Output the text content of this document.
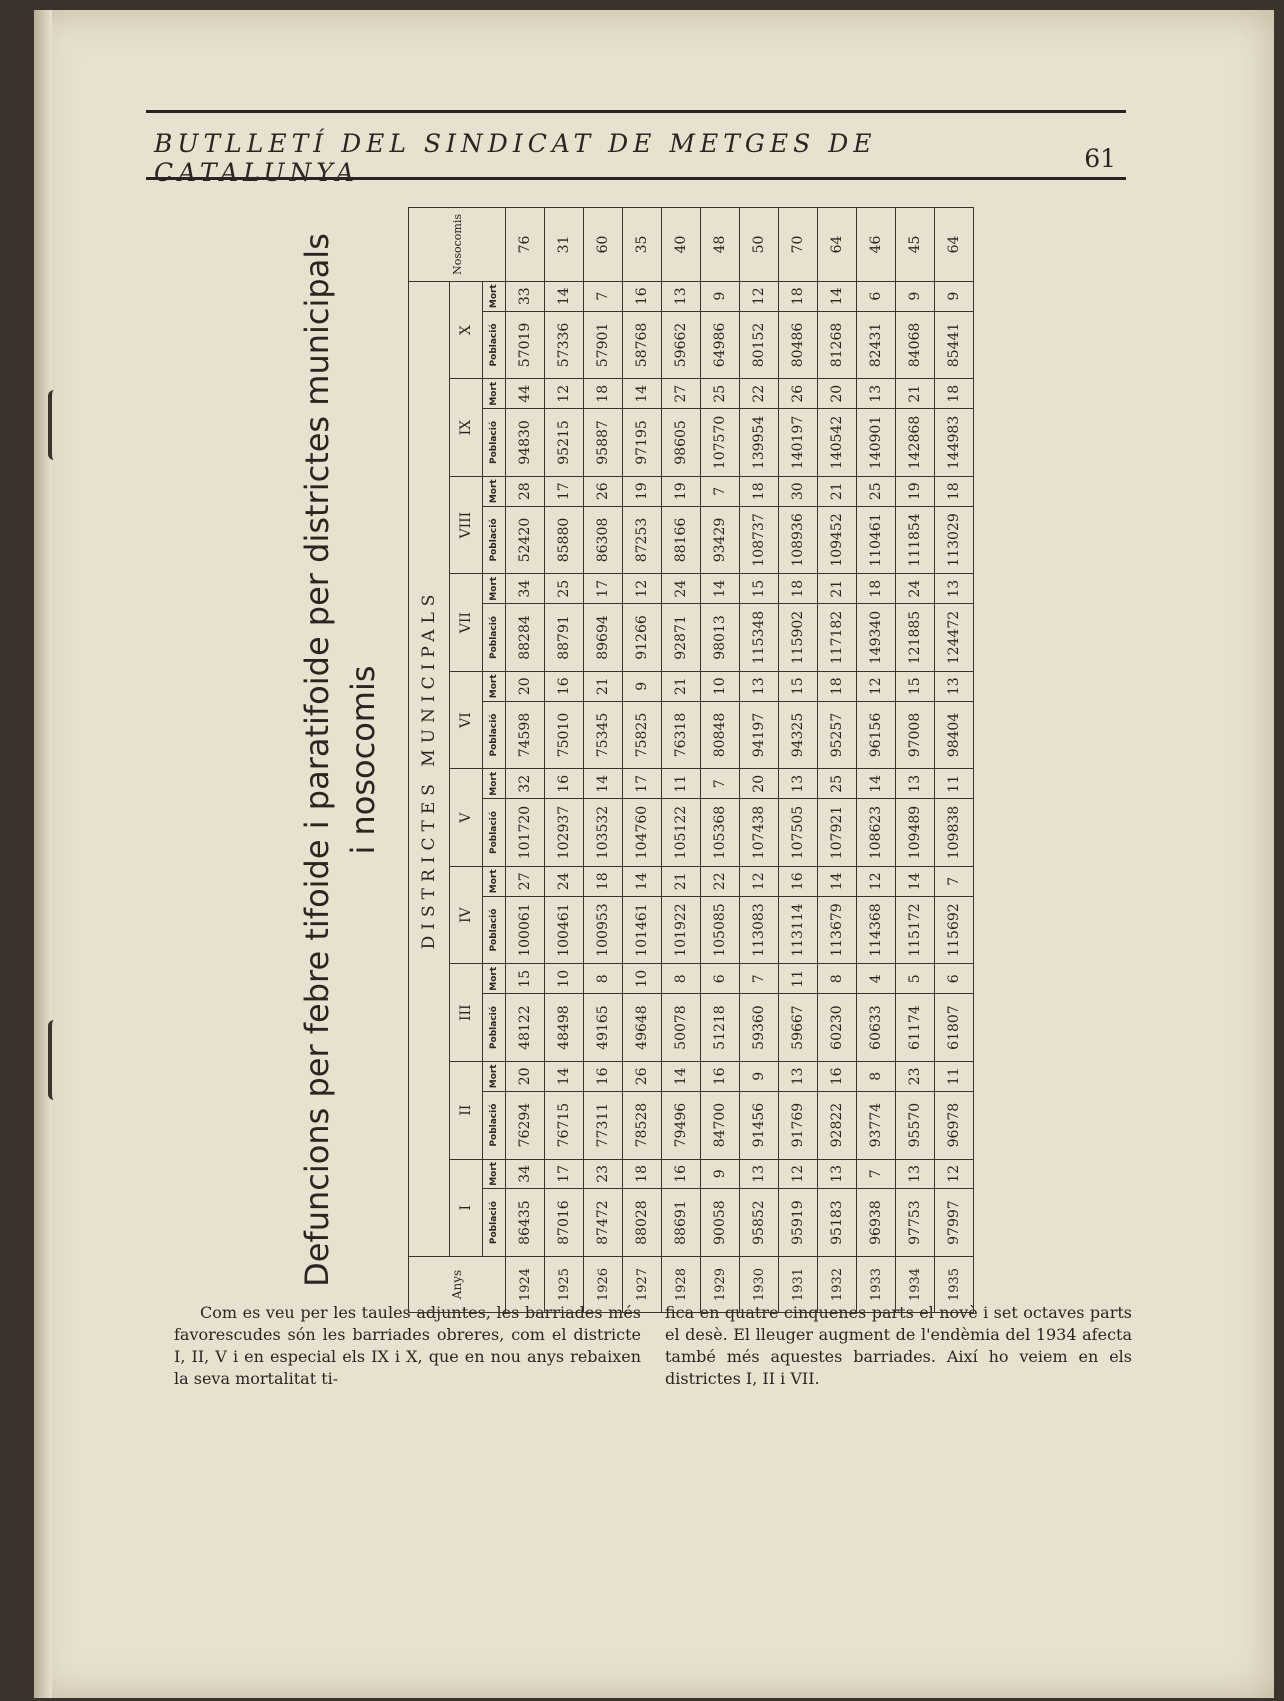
BUTLLETÍ DEL SINDICAT DE METGES DE CATALUNYA	61

Com es veu per les taules adjuntes, les barriades més favorescudes són les barriades obreres, com el districte I, II, V i en especial els IX i X, que en nou anys rebaixen la seva mortalitat ti-

fica en quatre cinquenes parts el novè i set octaves parts el desè. El lleuger augment de l'endèmia del 1934 afecta també més aquestes barriades. Així ho veiem en els districtes I, II i VII.

Defuncions per febre tifoide i paratifoide per districtes municipals i nosocomis
Anys	DISTRICTES MUNICIPALS																				Nosocomis
	I		II		III		IV		V		VI		VII		VIII		IX		X		
	Població	Mort	Població	Mort	Població	Mort	Població	Mort	Població	Mort	Població	Mort	Població	Mort	Població	Mort	Població	Mort	Població	Mort	
1924	86435	34	76294	20	48122	15	100061	27	101720	32	74598	20	88284	34	52420	28	94830	44	57019	33	76
1925	87016	17	76715	14	48498	10	100461	24	102937	16	75010	16	88791	25	85880	17	95215	12	57336	14	31
1926	87472	23	77311	16	49165	8	100953	18	103532	14	75345	21	89694	17	86308	26	95887	18	57901	7	60
1927	88028	18	78528	26	49648	10	101461	14	104760	17	75825	9	91266	12	87253	19	97195	14	58768	16	35
1928	88691	16	79496	14	50078	8	101922	21	105122	11	76318	21	92871	24	88166	19	98605	27	59662	13	40
1929	90058	9	84700	16	51218	6	105085	22	105368	7	80848	10	98013	14	93429	7	107570	25	64986	9	48
1930	95852	13	91456	9	59360	7	113083	12	107438	20	94197	13	115348	15	108737	18	139954	22	80152	12	50
1931	95919	12	91769	13	59667	11	113114	16	107505	13	94325	15	115902	18	108936	30	140197	26	80486	18	70
1932	95183	13	92822	16	60230	8	113679	14	107921	25	95257	18	117182	21	109452	21	140542	20	81268	14	64
1933	96938	7	93774	8	60633	4	114368	12	108623	14	96156	12	149340	18	110461	25	140901	13	82431	6	46
1934	97753	13	95570	23	61174	5	115172	14	109489	13	97008	15	121885	24	111854	19	142868	21	84068	9	45
1935	97997	12	96978	11	61807	6	115692	7	109838	11	98404	13	124472	13	113029	18	144983	18	85441	9	64
